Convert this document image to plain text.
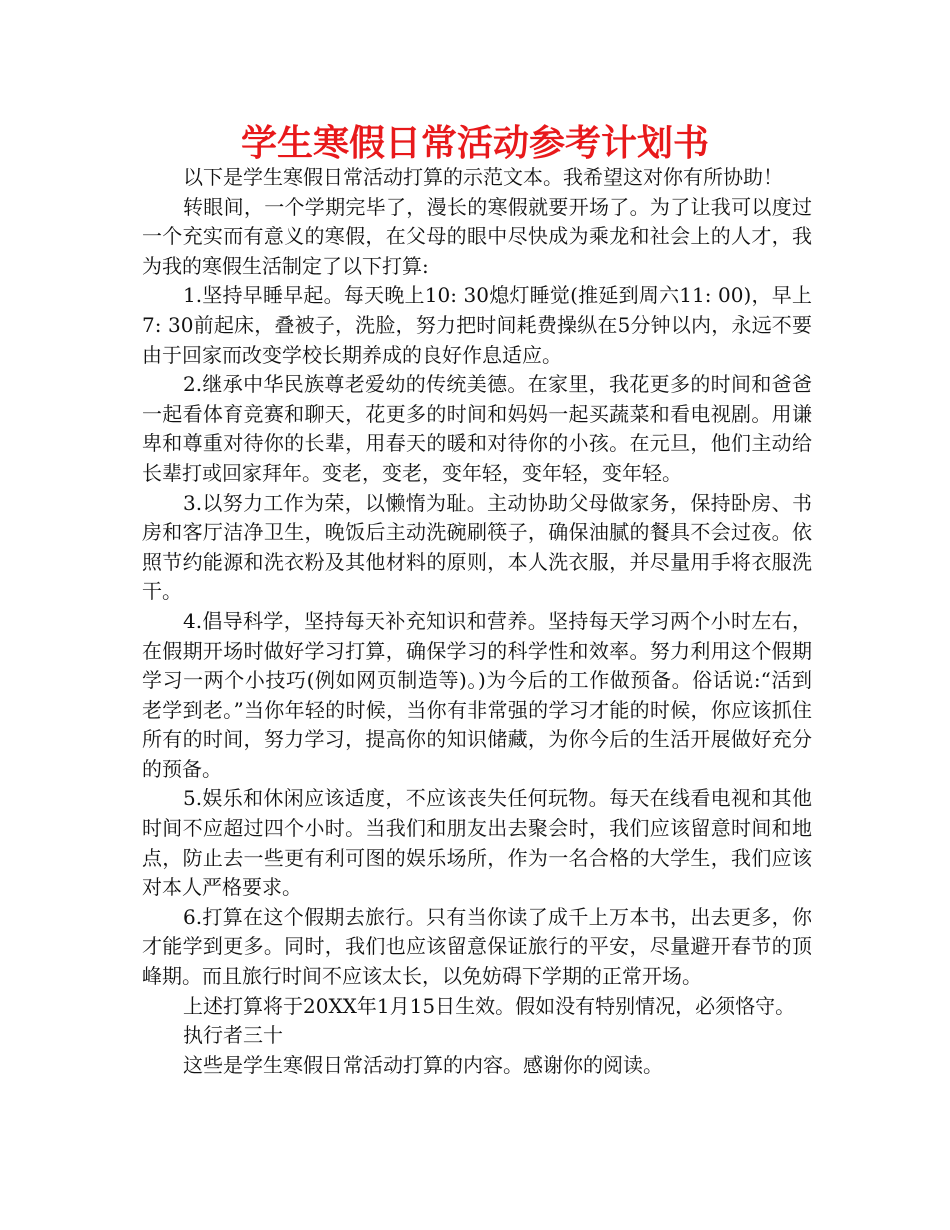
学生寒假日常活动参考计划书

以下是学生寒假日常活动打算的示范文本。我希望这对你有所协助！

转眼间，一个学期完毕了，漫长的寒假就要开场了。为了让我可以度过一个充实而有意义的寒假，在父母的眼中尽快成为乘龙和社会上的人才，我为我的寒假生活制定了以下打算:

1.坚持早睡早起。每天晚上10: 30熄灯睡觉(推延到周六11: 00)，早上7: 30前起床，叠被子，洗脸，努力把时间耗费操纵在5分钟以内，永远不要由于回家而改变学校长期养成的良好作息适应。

2.继承中华民族尊老爱幼的传统美德。在家里，我花更多的时间和爸爸一起看体育竞赛和聊天，花更多的时间和妈妈一起买蔬菜和看电视剧。用谦卑和尊重对待你的长辈，用春天的暖和对待你的小孩。在元旦，他们主动给长辈打或回家拜年。变老，变老，变年轻，变年轻，变年轻。

3.以努力工作为荣，以懒惰为耻。主动协助父母做家务，保持卧房、书房和客厅洁净卫生，晚饭后主动洗碗刷筷子，确保油腻的餐具不会过夜。依照节约能源和洗衣粉及其他材料的原则，本人洗衣服，并尽量用手将衣服洗干。

4.倡导科学，坚持每天补充知识和营养。坚持每天学习两个小时左右，在假期开场时做好学习打算，确保学习的科学性和效率。努力利用这个假期学习一两个小技巧(例如网页制造等)。)为今后的工作做预备。俗话说:“活到老学到老。”当你年轻的时候，当你有非常强的学习才能的时候，你应该抓住所有的时间，努力学习，提高你的知识储藏，为你今后的生活开展做好充分的预备。

5.娱乐和休闲应该适度，不应该丧失任何玩物。每天在线看电视和其他时间不应超过四个小时。当我们和朋友出去聚会时，我们应该留意时间和地点，防止去一些更有利可图的娱乐场所，作为一名合格的大学生，我们应该对本人严格要求。

6.打算在这个假期去旅行。只有当你读了成千上万本书，出去更多，你才能学到更多。同时，我们也应该留意保证旅行的平安，尽量避开春节的顶峰期。而且旅行时间不应该太长，以免妨碍下学期的正常开场。

上述打算将于20XX年1月15日生效。假如没有特别情况，必须恪守。

执行者三十

这些是学生寒假日常活动打算的内容。感谢你的阅读。
